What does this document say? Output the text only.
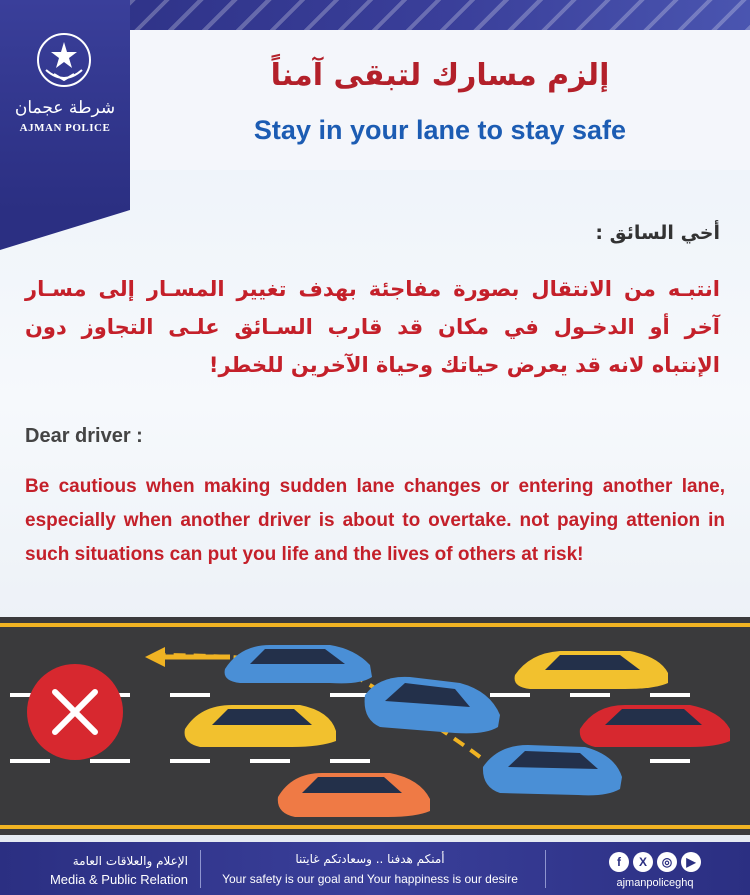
شرطة عجمان
AJMAN POLICE
إلزم مسارك لتبقى آمناً
Stay in your lane to stay safe
أخي السائق :
انتبـه من الانتقال بصورة مفاجئة بهدف تغيير المسـار إلى مسـار آخر أو الدخـول في مكان قد قارب السـائق علـى التجاوز دون الإنتباه لانه قد يعرض حياتك وحياة الآخرين للخطر!
Dear driver :
Be cautious when making sudden lane changes or entering another lane, especially when another driver is about to overtake. not paying attenion in such situations can put you life and the lives of others at risk!
الإعلام والعلاقات العامة
Media & Public Relation
أمنكم هدفنا .. وسعادتكم غايتنا
Your safety is our goal and Your happiness is our desire
f	X	◎	▶
ajmanpoliceghq
